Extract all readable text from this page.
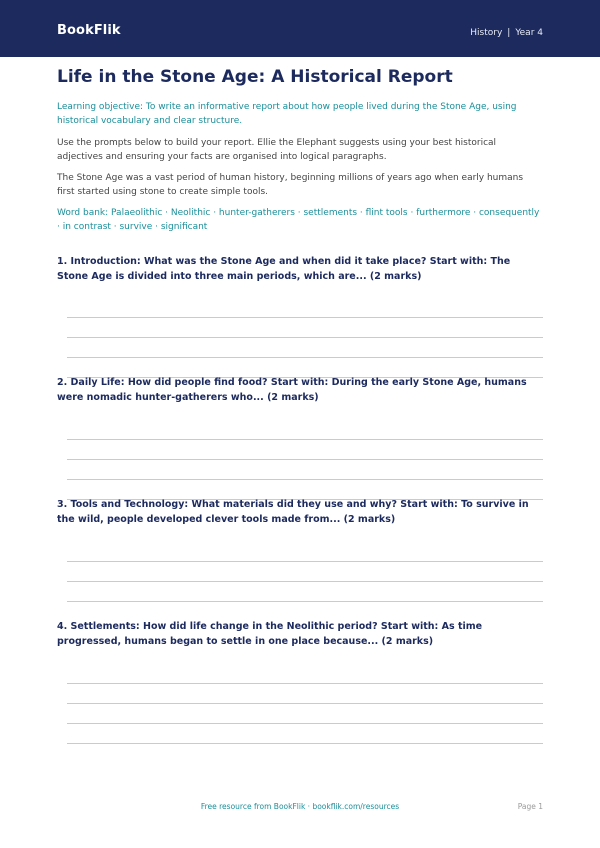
BookFlik	History | Year 4
Life in the Stone Age: A Historical Report

Learning objective: To write an informative report about how people lived during the Stone Age, using historical vocabulary and clear structure.

Use the prompts below to build your report. Ellie the Elephant suggests using your best historical adjectives and ensuring your facts are organised into logical paragraphs.

The Stone Age was a vast period of human history, beginning millions of years ago when early humans first started using stone to create simple tools.

Word bank: Palaeolithic · Neolithic · hunter-gatherers · settlements · flint tools · furthermore · consequently · in contrast · survive · significant

1. Introduction: What was the Stone Age and when did it take place? Start with: The Stone Age is divided into three main periods, which are... (2 marks)

2. Daily Life: How did people find food? Start with: During the early Stone Age, humans were nomadic hunter-gatherers who... (2 marks)

3. Tools and Technology: What materials did they use and why? Start with: To survive in the wild, people developed clever tools made from... (2 marks)

4. Settlements: How did life change in the Neolithic period? Start with: As time progressed, humans began to settle in one place because... (2 marks)

Free resource from BookFlik · bookflik.com/resources	Page 1
